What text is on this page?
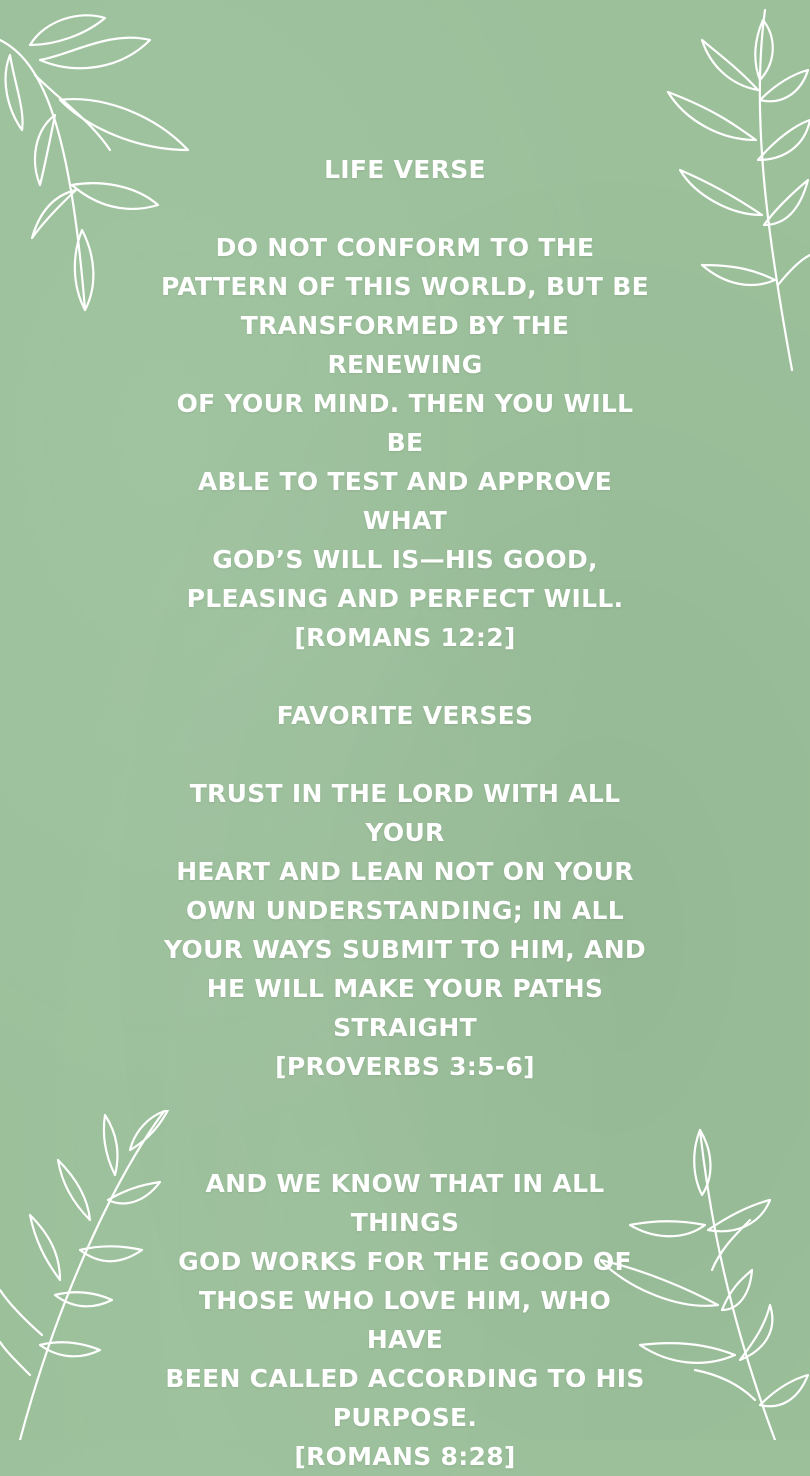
LIFE VERSE
DO NOT CONFORM TO THE
PATTERN OF THIS WORLD, BUT BE
TRANSFORMED BY THE RENEWING
OF YOUR MIND. THEN YOU WILL BE
ABLE TO TEST AND APPROVE WHAT
GOD’S WILL IS—HIS GOOD,
PLEASING AND PERFECT WILL.
[ROMANS 12:2]
FAVORITE VERSES
TRUST IN THE LORD WITH ALL YOUR
HEART AND LEAN NOT ON YOUR
OWN UNDERSTANDING; IN ALL
YOUR WAYS SUBMIT TO HIM, AND
HE WILL MAKE YOUR PATHS
STRAIGHT
[PROVERBS 3:5-6]
AND WE KNOW THAT IN ALL THINGS
GOD WORKS FOR THE GOOD OF
THOSE WHO LOVE HIM, WHO HAVE
BEEN CALLED ACCORDING TO HIS
PURPOSE.
[ROMANS 8:28]
